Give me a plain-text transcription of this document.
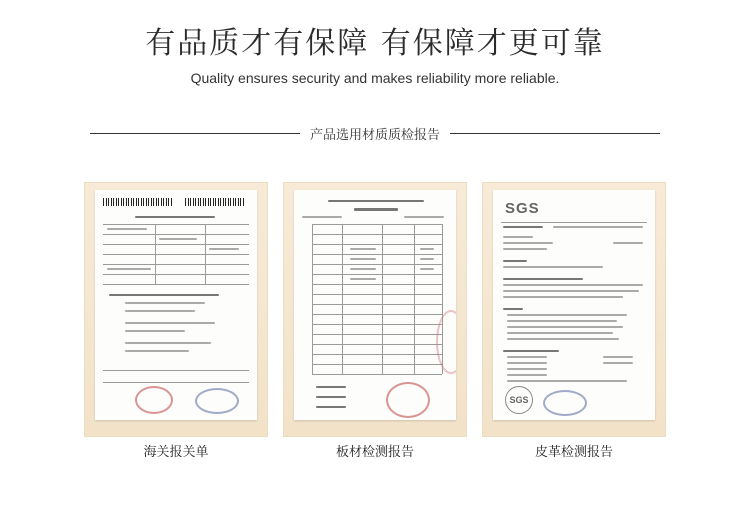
有品质才有保障 有保障才更可靠
Quality ensures security and makes reliability more reliable.
产品选用材质质检报告
海关报关单	板材检测报告
SGS
SGS
皮革检测报告
